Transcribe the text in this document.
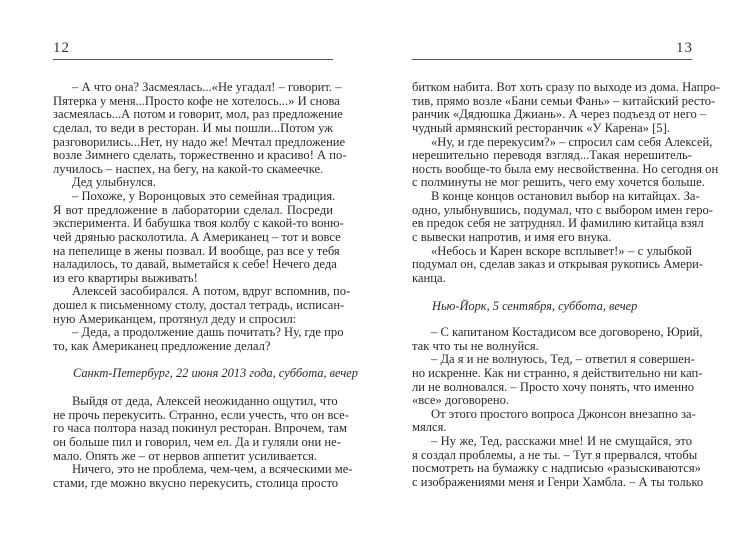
12
– А что она? Засмеялась...«Не угадал! – говорит. –
Пятерка у меня...Просто кофе не хотелось...» И снова
засмеялась...А потом и говорит, мол, раз предложение
сделал, то веди в ресторан. И мы пошли...Потом уж
разговорились...Нет, ну надо же! Мечтал предложение
возле Зимнего сделать, торжественно и красиво! А по-
лучилось – наспех, на бегу, на какой-то скамеечке.
Дед улыбнулся.
– Похоже, у Воронцовых это семейная традиция.
Я вот предложение в лаборатории сделал. Посреди
эксперимента. И бабушка твоя колбу с какой-то воню-
чей дрянью расколотила. А Американец – тот и вовсе
на пепелище в жены позвал. И вообще, раз все у тебя
наладилось, то давай, выметайся к себе! Нечего деда
из его квартиры выживать!
Алексей засобирался. А потом, вдруг вспомнив, по-
дошел к письменному столу, достал тетрадь, исписан-
ную Американцем, протянул деду и спросил:
– Деда, а продолжение дашь почитать? Ну, где про
то, как Американец предложение делал?
Санкт-Петербург, 22 июня 2013 года, суббота, вечер
Выйдя от деда, Алексей неожиданно ощутил, что
не прочь перекусить. Странно, если учесть, что он все-
го часа полтора назад покинул ресторан. Впрочем, там
он больше пил и говорил, чем ел. Да и гуляли они не-
мало. Опять же – от нервов аппетит усиливается.
Ничего, это не проблема, чем-чем, а всяческими ме-
стами, где можно вкусно перекусить, столица просто
13
битком набита. Вот хоть сразу по выходе из дома. Напро-
тив, прямо возле «Бани семьи Фань» – китайский ресто-
ранчик «Дядюшка Джиань». А через подъезд от него –
чудный армянский ресторанчик «У Карена» [5].
«Ну, и где перекусим?» – спросил сам себя Алексей,
нерешительно переводя взгляд...Такая нерешитель-
ность вообще-то была ему несвойственна. Но сегодня он
с полминуты не мог решить, чего ему хочется больше.
В конце концов остановил выбор на китайцах. За-
одно, улыбнувшись, подумал, что с выбором имен геро-
ев предок себя не затруднял. И фамилию китайца взял
с вывески напротив, и имя его внука.
«Небось и Карен вскоре всплывет!» – с улыбкой
подумал он, сделав заказ и открывая рукопись Амери-
канца.
Нью-Йорк, 5 сентября, суббота, вечер
– С капитаном Костадисом все договорено, Юрий,
так что ты не волнуйся.
– Да я и не волнуюсь, Тед, – ответил я совершен-
но искренне. Как ни странно, я действительно ни кап-
ли не волновался. – Просто хочу понять, что именно
«все» договорено.
От этого простого вопроса Джонсон внезапно за-
мялся.
– Ну же, Тед, расскажи мне! И не смущайся, это
я создал проблемы, а не ты. – Тут я прервался, чтобы
посмотреть на бумажку с надписью «разыскиваются»
с изображениями меня и Генри Хамбла. – А ты только
